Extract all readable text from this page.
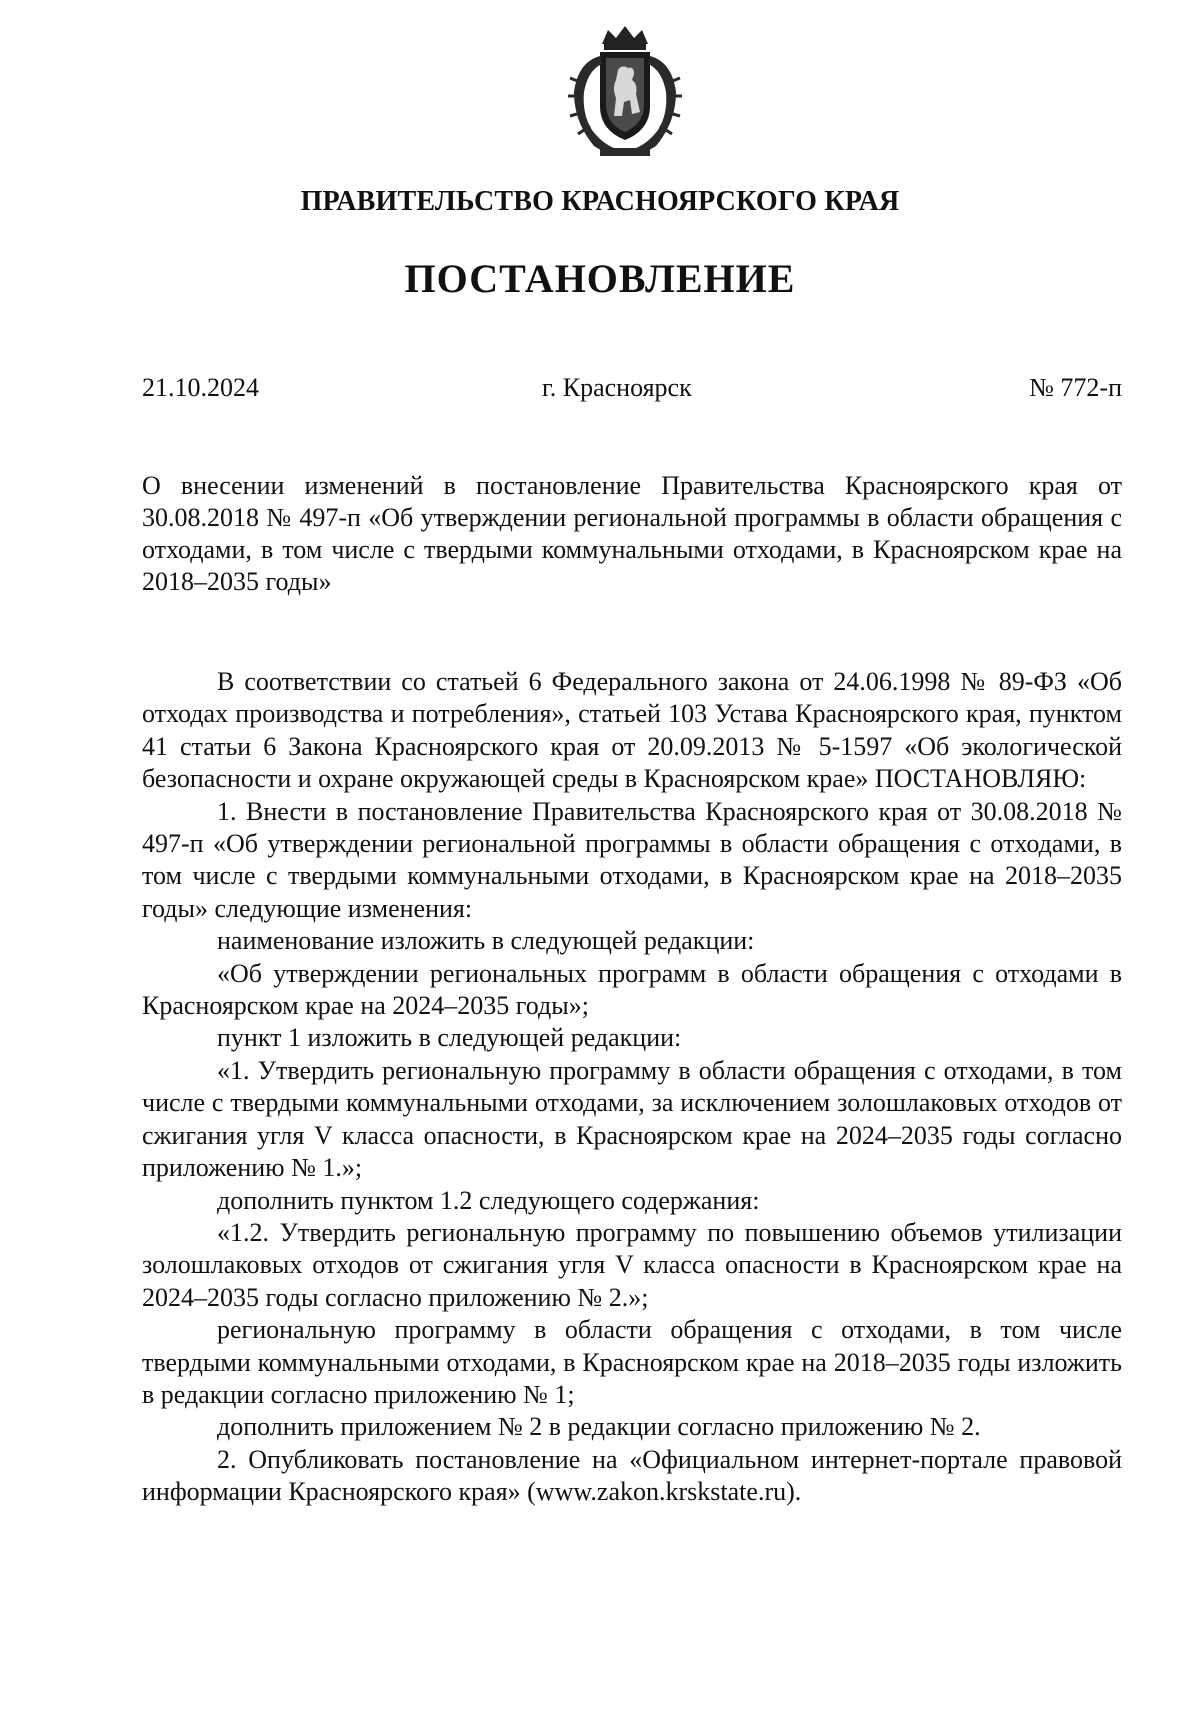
ПРАВИТЕЛЬСТВО КРАСНОЯРСКОГО КРАЯ
ПОСТАНОВЛЕНИЕ
21.10.2024	г. Красноярск	№ 772-п
О внесении изменений в постановление Правительства Красноярского края от 30.08.2018 № 497-п «Об утверждении региональной программы в области обращения с отходами, в том числе с твердыми коммунальными отходами, в Красноярском крае на 2018–2035 годы»

В соответствии со статьей 6 Федерального закона от 24.06.1998 № 89-ФЗ «Об отходах производства и потребления», статьей 103 Устава Красноярского края, пунктом 41 статьи 6 Закона Красноярского края от 20.09.2013 № 5-1597 «Об экологической безопасности и охране окружающей среды в Красноярском крае» ПОСТАНОВЛЯЮ:

1. Внести в постановление Правительства Красноярского края от 30.08.2018 № 497-п «Об утверждении региональной программы в области обращения с отходами, в том числе с твердыми коммунальными отходами, в Красноярском крае на 2018–2035 годы» следующие изменения:

наименование изложить в следующей редакции:

«Об утверждении региональных программ в области обращения с отходами в Красноярском крае на 2024–2035 годы»;

пункт 1 изложить в следующей редакции:

«1. Утвердить региональную программу в области обращения с отходами, в том числе с твердыми коммунальными отходами, за исключением золошлаковых отходов от сжигания угля V класса опасности, в Красноярском крае на 2024–2035 годы согласно приложению № 1.»;

дополнить пунктом 1.2 следующего содержания:

«1.2. Утвердить региональную программу по повышению объемов утилизации золошлаковых отходов от сжигания угля V класса опасности в Красноярском крае на 2024–2035 годы согласно приложению № 2.»;

региональную программу в области обращения с отходами, в том числе твердыми коммунальными отходами, в Красноярском крае на 2018–2035 годы изложить в редакции согласно приложению № 1;

дополнить приложением № 2 в редакции согласно приложению № 2.

2. Опубликовать постановление на «Официальном интернет-портале правовой информации Красноярского края» (www.zakon.krskstate.ru).
